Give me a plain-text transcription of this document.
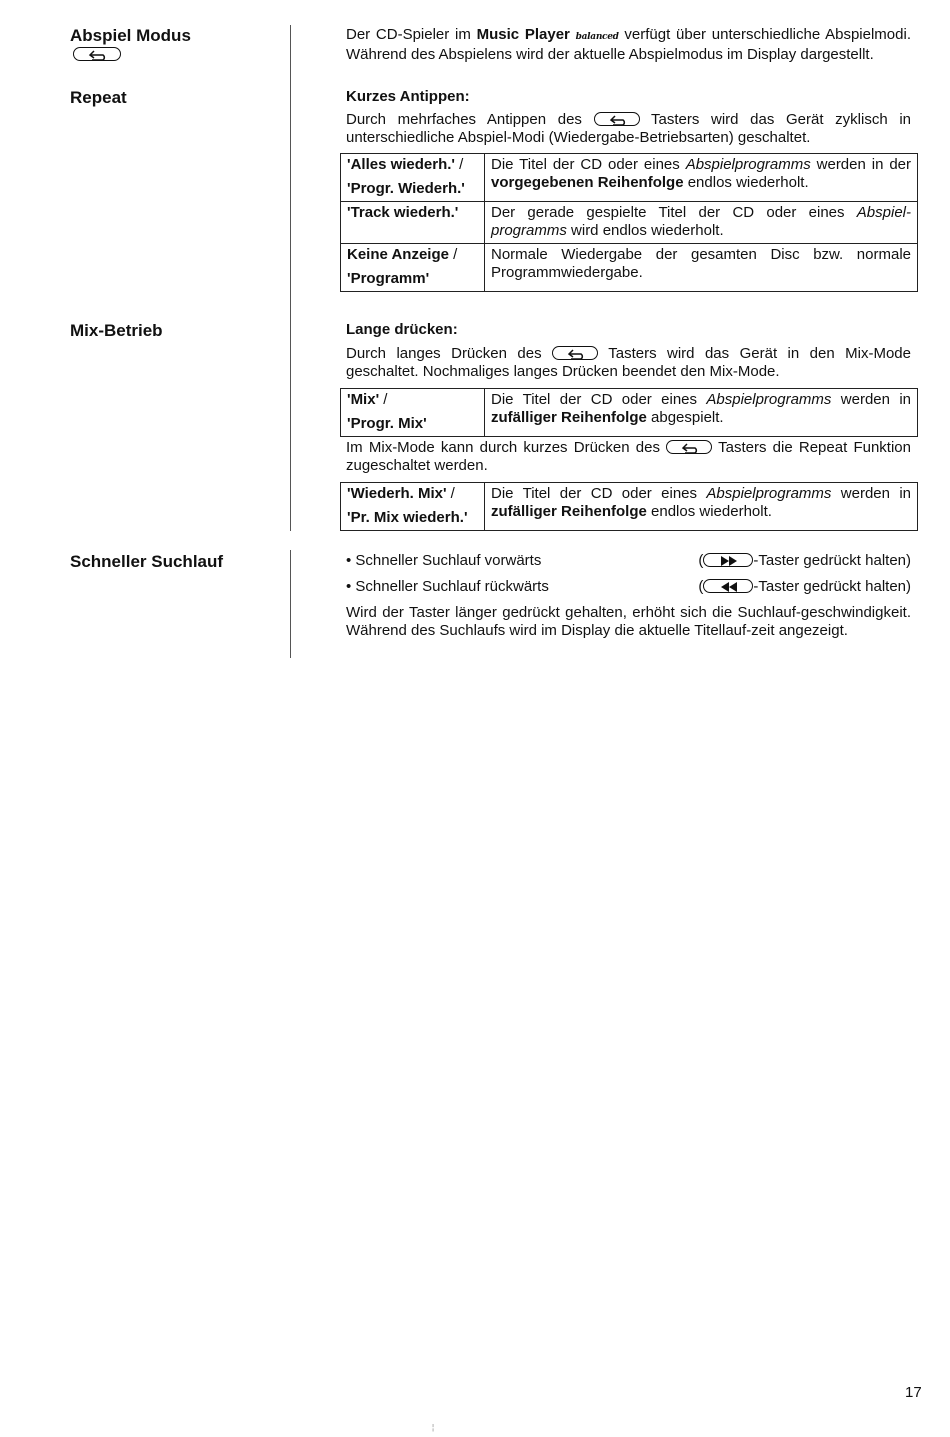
Abspiel Modus
Repeat
Mix-Betrieb
Schneller Suchlauf

Der CD-Spieler im Music Player balanced verfügt über unterschiedliche Abspielmodi. Während des Abspielens wird der aktuelle Abspielmodus im Display dargestellt.

Kurzes Antippen:

Durch mehrfaches Antippen des	Tasters wird das Gerät zyklisch in unterschiedliche Abspiel-Modi (Wiedergabe-Betriebsarten) geschaltet.

'Alles wiederh.' /
'Progr. Wiederh.'	Die Titel der CD oder eines Abspielprogramms werden in der vorgegebenen Reihenfolge endlos wiederholt.
'Track wiederh.'	Der gerade gespielte Titel der CD oder eines Abspiel-programms wird endlos wiederholt.

Keine Anzeige /
'Programm'	Normale Wiedergabe der gesamten Disc bzw. normale Programmwiedergabe.

Lange drücken:

Durch langes Drücken des	Tasters wird das Gerät in den Mix-Mode geschaltet. Nochmaliges langes Drücken beendet den Mix-Mode.

'Mix' /
'Progr. Mix'
	Die Titel der CD oder eines Abspielprogramms werden in zufälliger Reihenfolge abgespielt.

Im Mix-Mode kann durch kurzes Drücken des	Tasters die Repeat Funktion zugeschaltet werden.

'Wiederh. Mix' /
'Pr. Mix wiederh.'
	Die Titel der CD oder eines Abspielprogramms werden in zufälliger Reihenfolge endlos wiederholt.
• Schneller Suchlauf vorwärts	(	-Taster gedrückt halten)
• Schneller Suchlauf rückwärts	(	-Taster gedrückt halten)

Wird der Taster länger gedrückt gehalten, erhöht sich die Suchlauf-geschwindigkeit. Während des Suchlaufs wird im Display die aktuelle Titellauf-zeit angezeigt.

17
¦
